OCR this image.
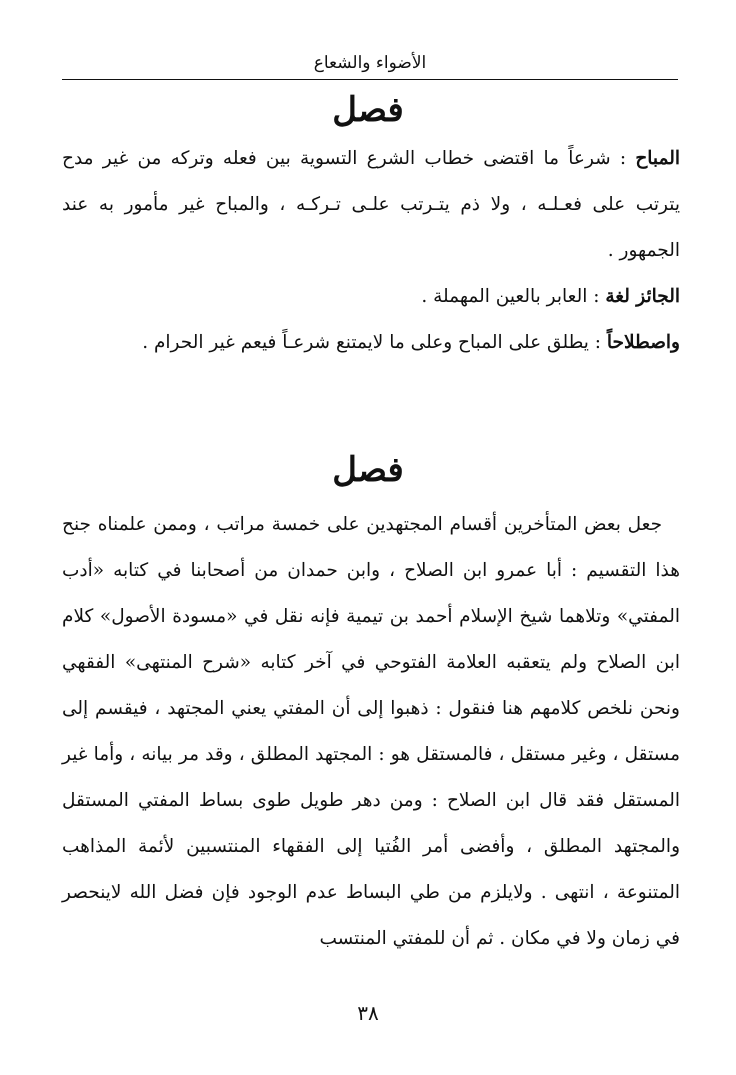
الأضواء والشعاع
فصل

المباح : شرعاً ما اقتضى خطاب الشرع التسوية بين فعله وتركه من غير مدح يترتب على فعـلـه ، ولا ذم يتـرتب علـى تـركـه ، والمباح غير مأمور به عند الجمهور .

الجائز لغة : العابر بالعين المهملة .

واصطلاحاً : يطلق على المباح وعلى ما لايمتنع شرعـاً فيعم غير الحرام .

فصل

جعل بعض المتأخرين أقسام المجتهدين على خمسة مراتب ، وممن علمناه جنح هذا التقسيم : أبا عمرو ابن الصلاح ، وابن حمدان من أصحابنا في كتابه «أدب المفتي» وتلاهما شيخ الإسلام أحمد بن تيمية فإنه نقل في «مسودة الأصول» كلام ابن الصلاح ولم يتعقبه العلامة الفتوحي في آخر كتابه «شرح المنتهى» الفقهي ونحن نلخص كلامهم هنا فنقول : ذهبوا إلى أن المفتي يعني المجتهد ، فيقسم إلى مستقل ، وغير مستقل ، فالمستقل هو : المجتهد المطلق ، وقد مر بيانه ، وأما غير المستقل فقد قال ابن الصلاح : ومن دهر طويل طوى بساط المفتي المستقل والمجتهد المطلق ، وأفضى أمر الفُتيا إلى الفقهاء المنتسبين لأئمة المذاهب المتنوعة ، انتهى . ولايلزم من طي البساط عدم الوجود فإن فضل الله لاينحصر في زمان ولا في مكان . ثم أن للمفتي المنتسب

٣٨
